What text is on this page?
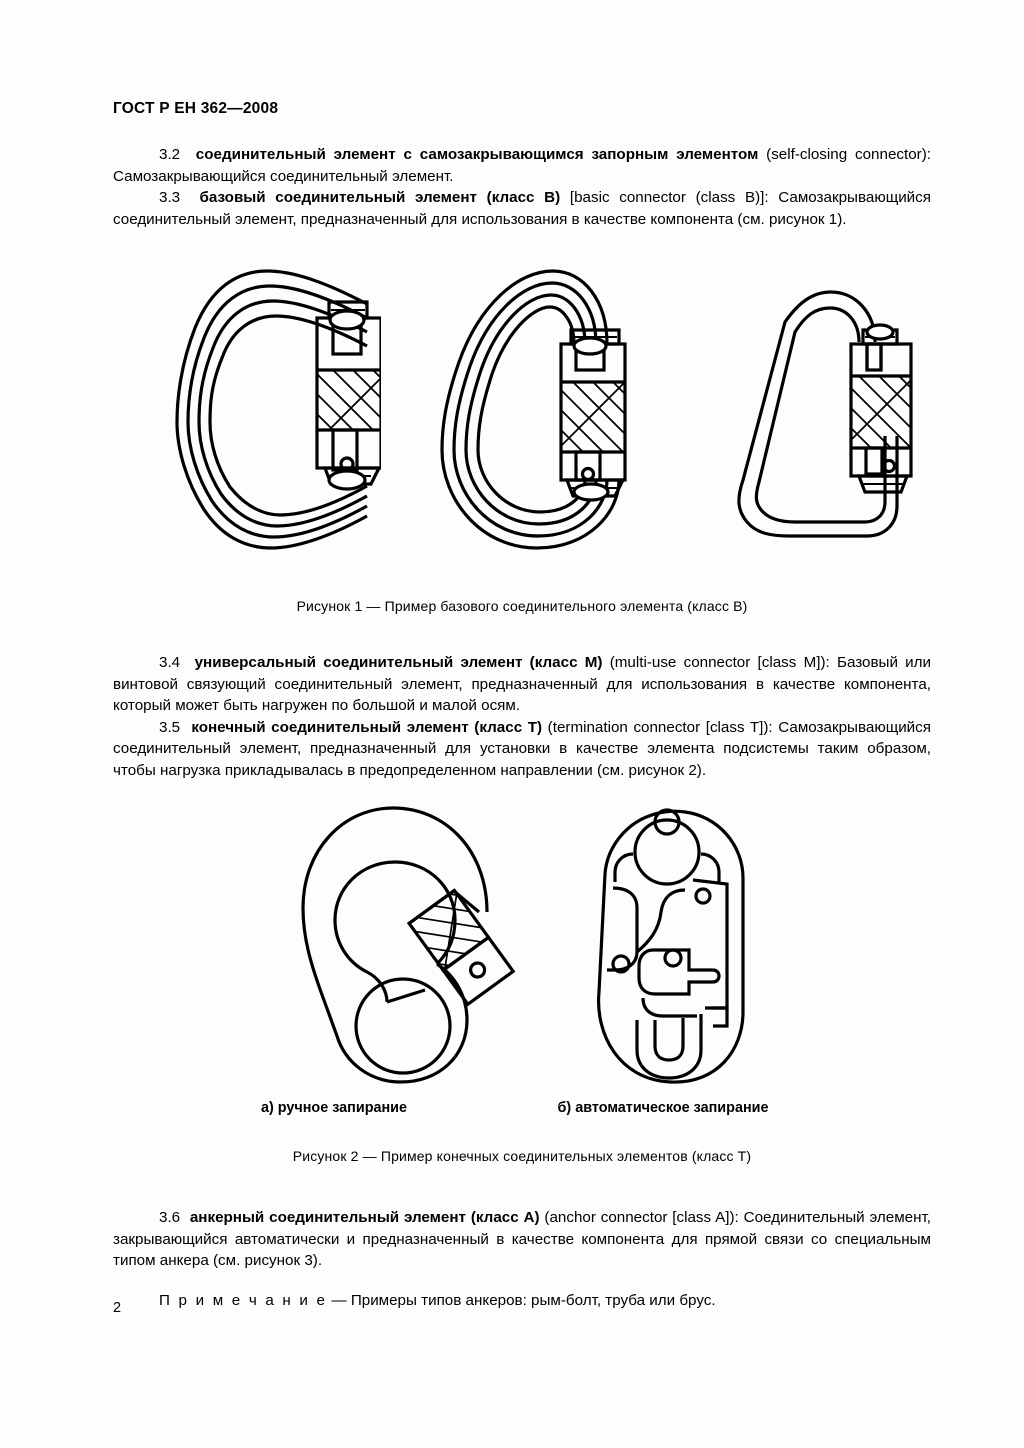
ГОСТ Р ЕН 362—2008

3.2 соединительный элемент с самозакрывающимся запорным элементом (self-closing connector): Самозакрывающийся соединительный элемент.

3.3 базовый соединительный элемент (класс B) [basic connector (class B)]: Самозакрывающийся соединительный элемент, предназначенный для использования в качестве компонента (см. рисунок 1).

Рисунок 1 — Пример базового соединительного элемента (класс B)

3.4 универсальный соединительный элемент (класс M) (multi-use connector [class M]): Базовый или винтовой связующий соединительный элемент, предназначенный для использования в качестве компонента, который может быть нагружен по большой и малой осям.

3.5 конечный соединительный элемент (класс T) (termination connector [class T]): Самозакрывающийся соединительный элемент, предназначенный для установки в качестве элемента подсистемы таким образом, чтобы нагрузка прикладывалась в предопределенном направлении (см. рисунок 2).

а) ручное запирание	б) автоматическое запирание
Рисунок 2 — Пример конечных соединительных элементов (класс T)

3.6 анкерный соединительный элемент (класс A) (anchor connector [class A]): Соединительный элемент, закрывающийся автоматически и предназначенный в качестве компонента для прямой связи со специальным типом анкера (см. рисунок 3).

П р и м е ч а н и е — Примеры типов анкеров: рым-болт, труба или брус.

2
